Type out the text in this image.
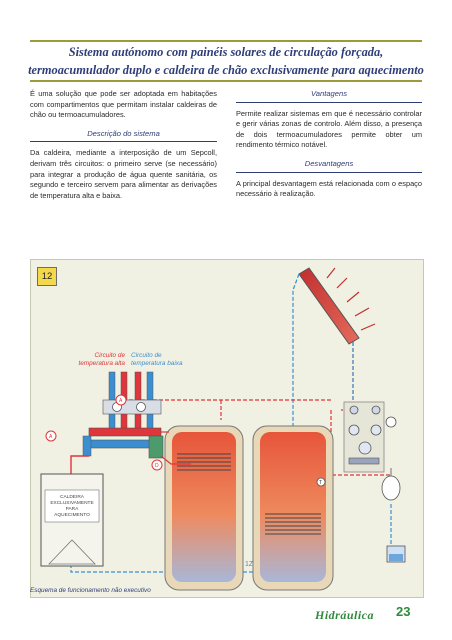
Sistema autónomo com painéis solares de circulação forçada,
termoacumulador duplo e caldeira de chão exclusivamente para aquecimento

É uma solução que pode ser adoptada em habitações com compartimentos que permitam instalar caldeiras de chão ou termoacumuladores.

Descrição do sistema

Da caldeira, mediante a interposição de um Sepcoll, derivam três circuitos: o primeiro serve (se necessário) para integrar a produção de água quente sanitária, os segundo e terceiro servem para alimentar as derivações de temperatura alta e baixa.

Vantagens

Permite realizar sistemas em que é necessário controlar e gerir várias zonas de controlo. Além disso, a presença de dois termoacumuladores permite obter um rendimento térmico notável.

Desvantagens

A principal desvantagem está relacionada com o espaço necessário à realização.

12
A
A
D
T
CALDEIRA
EXCLUSIVAMENTE
PARA
AQUECIMENTO
1Z
Circuito de
temperatura alta
Circuito de
temperatura baixa
Esquema de funcionamento não executivo
Hidráulica 23
